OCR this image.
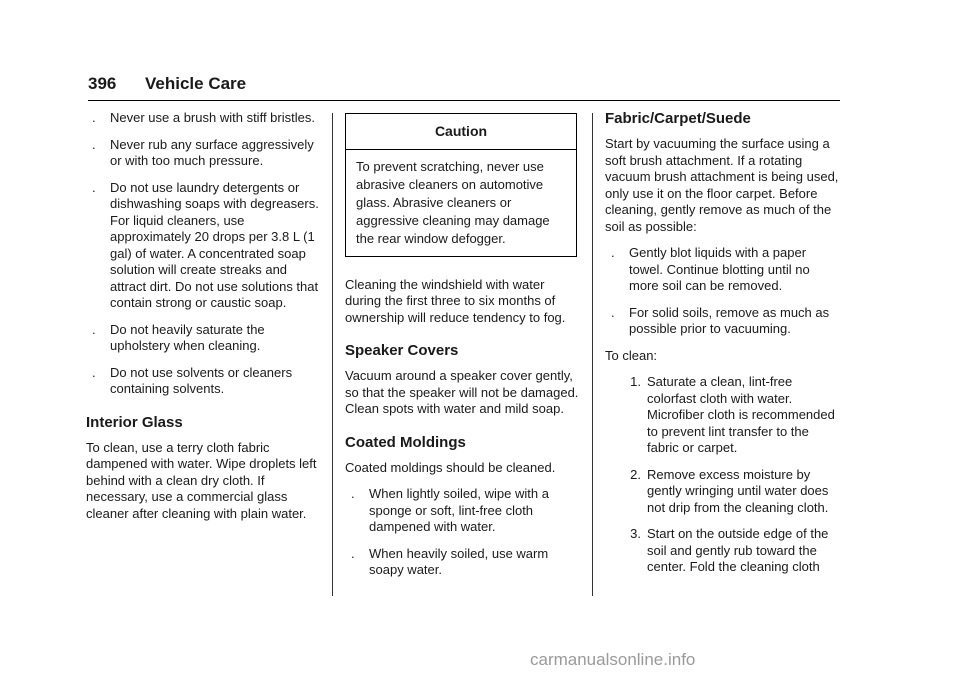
396 Vehicle Care
. Never use a brush with stiff bristles.
. Never rub any surface aggressively or with too much pressure.
. Do not use laundry detergents or dishwashing soaps with degreasers. For liquid cleaners, use approximately 20 drops per 3.8 L (1 gal) of water. A concentrated soap solution will create streaks and attract dirt. Do not use solutions that contain strong or caustic soap.
. Do not heavily saturate the upholstery when cleaning.
. Do not use solvents or cleaners containing solvents.
Interior Glass

To clean, use a terry cloth fabric dampened with water. Wipe droplets left behind with a clean dry cloth. If necessary, use a commercial glass cleaner after cleaning with plain water.

Caution
To prevent scratching, never use abrasive cleaners on automotive glass. Abrasive cleaners or aggressive cleaning may damage the rear window defogger.

Cleaning the windshield with water during the first three to six months of ownership will reduce tendency to fog.

Speaker Covers

Vacuum around a speaker cover gently, so that the speaker will not be damaged. Clean spots with water and mild soap.

Coated Moldings

Coated moldings should be cleaned.

. When lightly soiled, wipe with a sponge or soft, lint-free cloth dampened with water.
. When heavily soiled, use warm soapy water.
Fabric/Carpet/Suede

Start by vacuuming the surface using a soft brush attachment. If a rotating vacuum brush attachment is being used, only use it on the floor carpet. Before cleaning, gently remove as much of the soil as possible:

. Gently blot liquids with a paper towel. Continue blotting until no more soil can be removed.
. For solid soils, remove as much as possible prior to vacuuming.

To clean:

1. Saturate a clean, lint-free colorfast cloth with water. Microfiber cloth is recommended to prevent lint transfer to the fabric or carpet.
2. Remove excess moisture by gently wringing until water does not drip from the cleaning cloth.
3. Start on the outside edge of the soil and gently rub toward the center. Fold the cleaning cloth
carmanualsonline.info
